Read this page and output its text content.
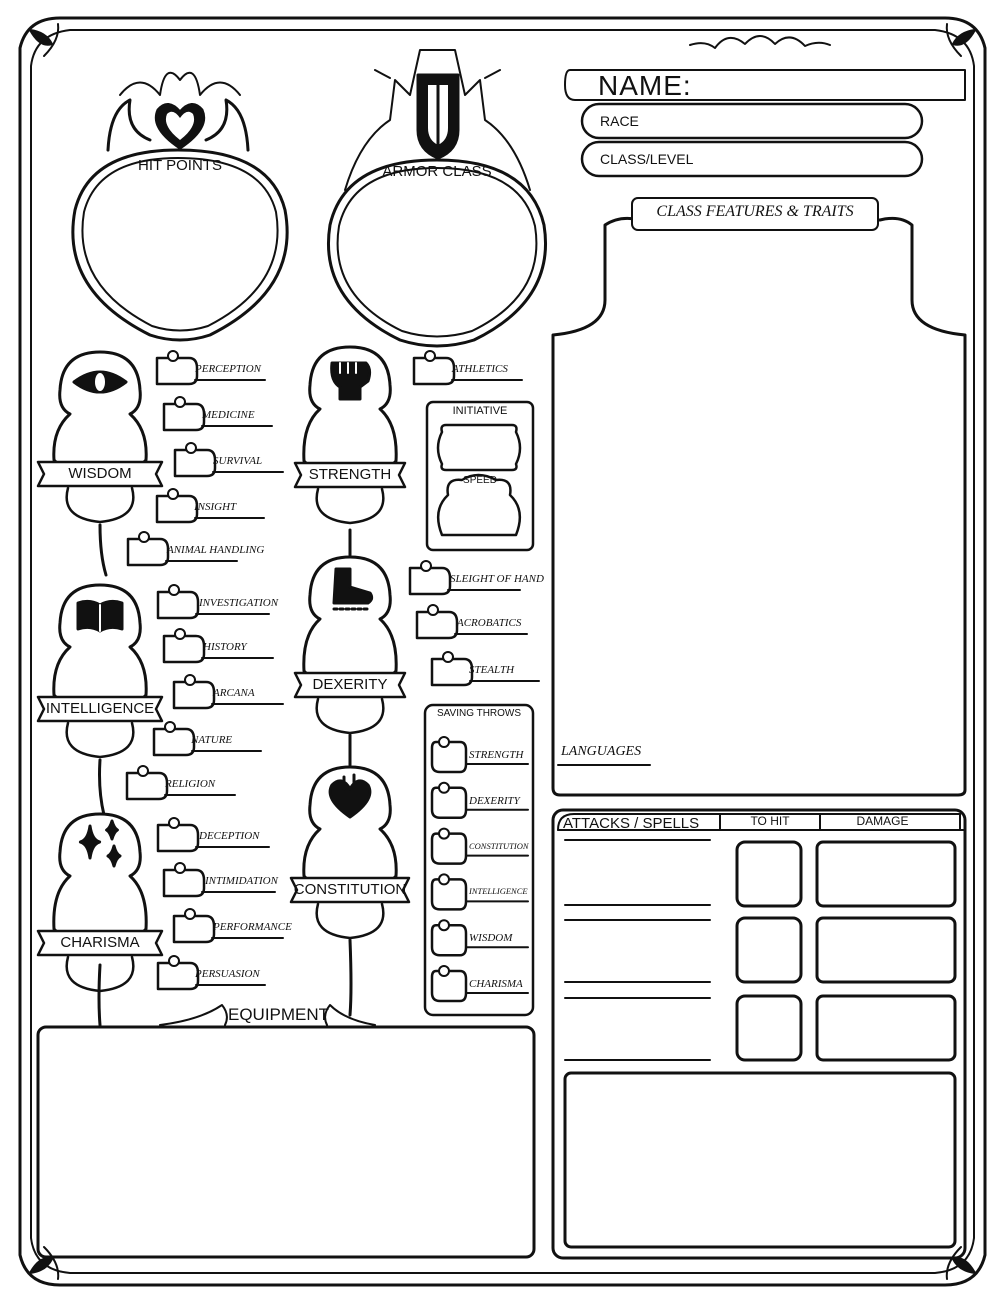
NAME:
RACE
CLASS/LEVEL
HIT POINTS	ARMOR CLASS
INITIATIVE
SPEED
CLASS FEATURES & TRAITS
LANGUAGES
ATTACKS / SPELLS	TO HIT	DAMAGE
EQUIPMENT
SAVING THROWS
WISDOM
PERCEPTION
MEDICINE
SURVIVAL
INSIGHT
ANIMAL HANDLING
INTELLIGENCE
INVESTIGATION
HISTORY
ARCANA
NATURE
RELIGION
CHARISMA
DECEPTION
INTIMIDATION
PERFORMANCE
PERSUASION
STRENGTH
ATHLETICS
DEXERITY
SLEIGHT OF HAND
ACROBATICS
STEALTH
CONSTITUTION
STRENGTH
DEXERITY
CONSTITUTION
INTELLIGENCE
WISDOM
CHARISMA
